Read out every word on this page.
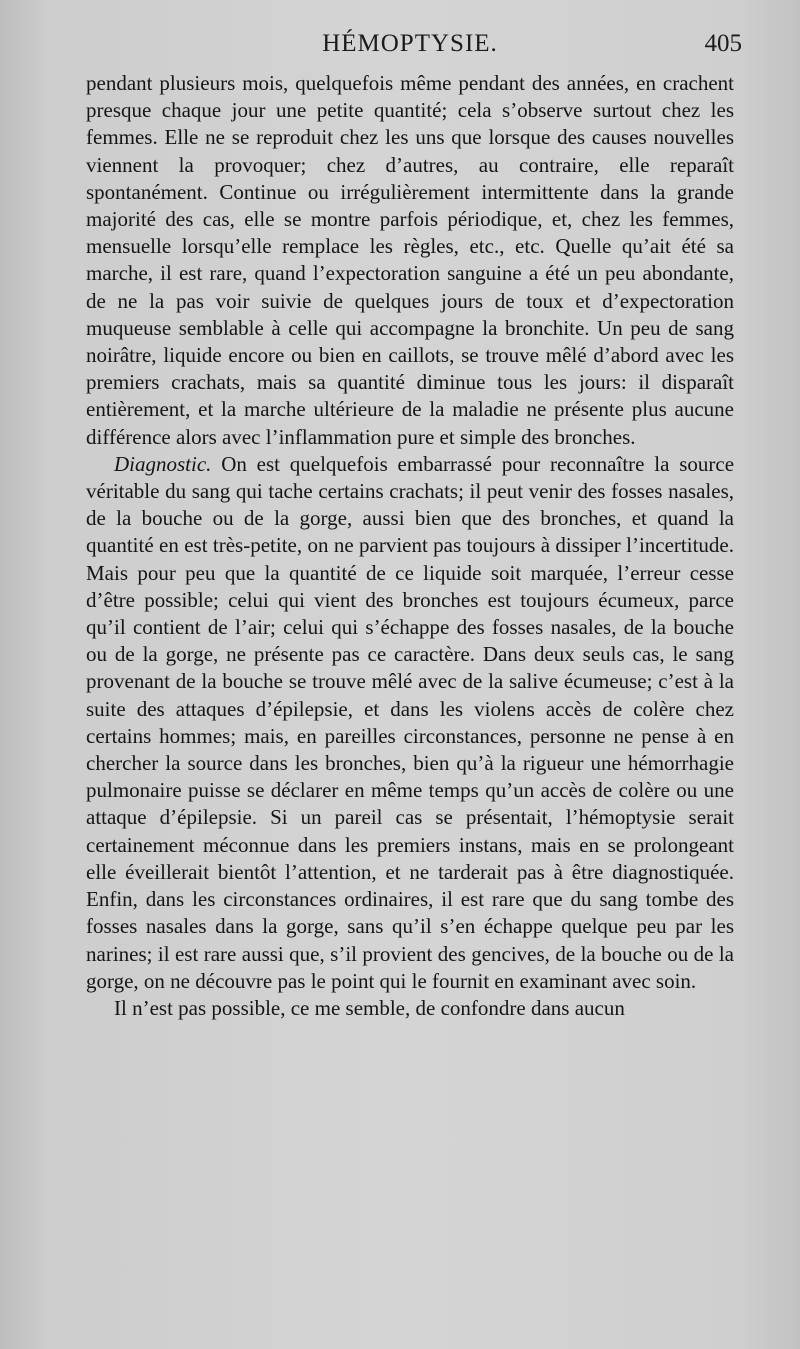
HÉMOPTYSIE.	405

pendant plusieurs mois, quelquefois même pendant des années, en crachent presque chaque jour une petite quantité; cela s’observe surtout chez les femmes. Elle ne se reproduit chez les uns que lorsque des causes nouvelles viennent la provoquer; chez d’autres, au contraire, elle reparaît spontanément. Continue ou irrégulièrement intermittente dans la grande majorité des cas, elle se montre parfois périodique, et, chez les femmes, mensuelle lorsqu’elle remplace les règles, etc., etc. Quelle qu’ait été sa marche, il est rare, quand l’expectoration sanguine a été un peu abondante, de ne la pas voir suivie de quelques jours de toux et d’expectoration muqueuse semblable à celle qui accompagne la bronchite. Un peu de sang noirâtre, liquide encore ou bien en caillots, se trouve mêlé d’abord avec les premiers crachats, mais sa quantité diminue tous les jours: il disparaît entièrement, et la marche ultérieure de la maladie ne présente plus aucune différence alors avec l’inflammation pure et simple des bronches.

Diagnostic. On est quelquefois embarrassé pour reconnaître la source véritable du sang qui tache certains crachats; il peut venir des fosses nasales, de la bouche ou de la gorge, aussi bien que des bronches, et quand la quantité en est très-petite, on ne parvient pas toujours à dissiper l’incertitude. Mais pour peu que la quantité de ce liquide soit marquée, l’erreur cesse d’être possible; celui qui vient des bronches est toujours écumeux, parce qu’il contient de l’air; celui qui s’échappe des fosses nasales, de la bouche ou de la gorge, ne présente pas ce caractère. Dans deux seuls cas, le sang provenant de la bouche se trouve mêlé avec de la salive écumeuse; c’est à la suite des attaques d’épilepsie, et dans les violens accès de colère chez certains hommes; mais, en pareilles circonstances, personne ne pense à en chercher la source dans les bronches, bien qu’à la rigueur une hémorrhagie pulmonaire puisse se déclarer en même temps qu’un accès de colère ou une attaque d’épilepsie. Si un pareil cas se présentait, l’hémoptysie serait certainement méconnue dans les premiers instans, mais en se prolongeant elle éveillerait bientôt l’attention, et ne tarderait pas à être diagnostiquée. Enfin, dans les circonstances ordinaires, il est rare que du sang tombe des fosses nasales dans la gorge, sans qu’il s’en échappe quelque peu par les narines; il est rare aussi que, s’il provient des gencives, de la bouche ou de la gorge, on ne découvre pas le point qui le fournit en examinant avec soin.

Il n’est pas possible, ce me semble, de confondre dans aucun
